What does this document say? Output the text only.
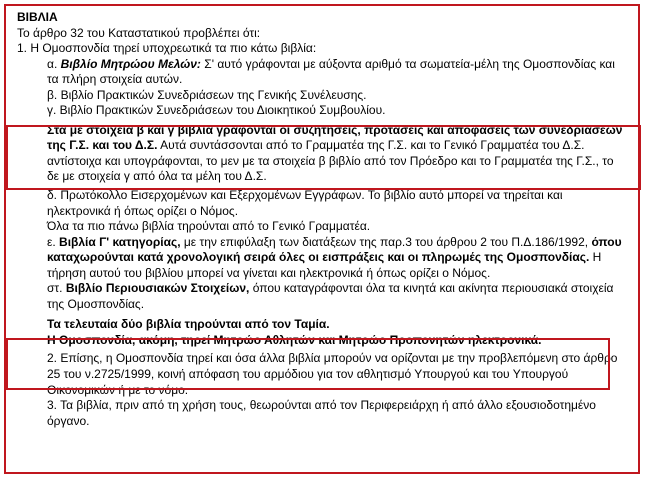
ΒΙΒΛΙΑ

Το άρθρο 32 του Καταστατικού προβλέπει ότι:

1. Η Ομοσπονδία τηρεί υποχρεωτικά τα πιο κάτω βιβλία:

α. Βιβλίο Μητρώου Μελών: Σ' αυτό γράφονται με αύξοντα αριθμό τα σωματεία-μέλη της Ομοσπονδίας και τα πλήρη στοιχεία αυτών.

β. Βιβλίο Πρακτικών Συνεδριάσεων της Γενικής Συνέλευσης.

γ. Βιβλίο Πρακτικών Συνεδριάσεων του Διοικητικού Συμβουλίου.

Στα με στοιχεία β και γ βιβλία γράφονται οι συζητήσεις, προτάσεις και αποφάσεις των συνεδριάσεων της Γ.Σ. και του Δ.Σ. Αυτά συντάσσονται από το Γραμματέα της Γ.Σ. και το Γενικό Γραμματέα του Δ.Σ. αντίστοιχα και υπογράφονται, το μεν με τα στοιχεία β βιβλίο από τον Πρόεδρο και το Γραμματέα της Γ.Σ., το δε με στοιχεία γ από όλα τα μέλη του Δ.Σ.

δ. Πρωτόκολλο Εισερχομένων και Εξερχομένων Εγγράφων. Το βιβλίο αυτό μπορεί να τηρείται και ηλεκτρονικά ή όπως ορίζει ο Νόμος.

Όλα τα πιο πάνω βιβλία τηρούνται από το Γενικό Γραμματέα.

ε. Βιβλία Γ' κατηγορίας, με την επιφύλαξη των διατάξεων της παρ.3 του άρθρου 2 του Π.Δ.186/1992, όπου καταχωρούνται κατά χρονολογική σειρά όλες οι εισπράξεις και οι πληρωμές της Ομοσπονδίας. Η τήρηση αυτού του βιβλίου μπορεί να γίνεται και ηλεκτρονικά ή όπως ορίζει ο Νόμος.

στ. Βιβλίο Περιουσιακών Στοιχείων, όπου καταγράφονται όλα τα κινητά και ακίνητα περιουσιακά στοιχεία της Ομοσπονδίας.

Τα τελευταία δύο βιβλία τηρούνται από τον Ταμία.

Η Ομοσπονδία, ακόμη, τηρεί Μητρώο Αθλητών και Μητρώο Προπονητών ηλεκτρονικά.

2. Επίσης, η Ομοσπονδία τηρεί και όσα άλλα βιβλία μπορούν να ορίζονται με την προβλεπόμενη στο άρθρο 25 του ν.2725/1999, κοινή απόφαση του αρμόδιου για τον αθλητισμό Υπουργού και του Υπουργού Οικονομικών ή με το νόμο.

3. Τα βιβλία, πριν από τη χρήση τους, θεωρούνται από τον Περιφερειάρχη ή από άλλο εξουσιοδοτημένο όργανο.
